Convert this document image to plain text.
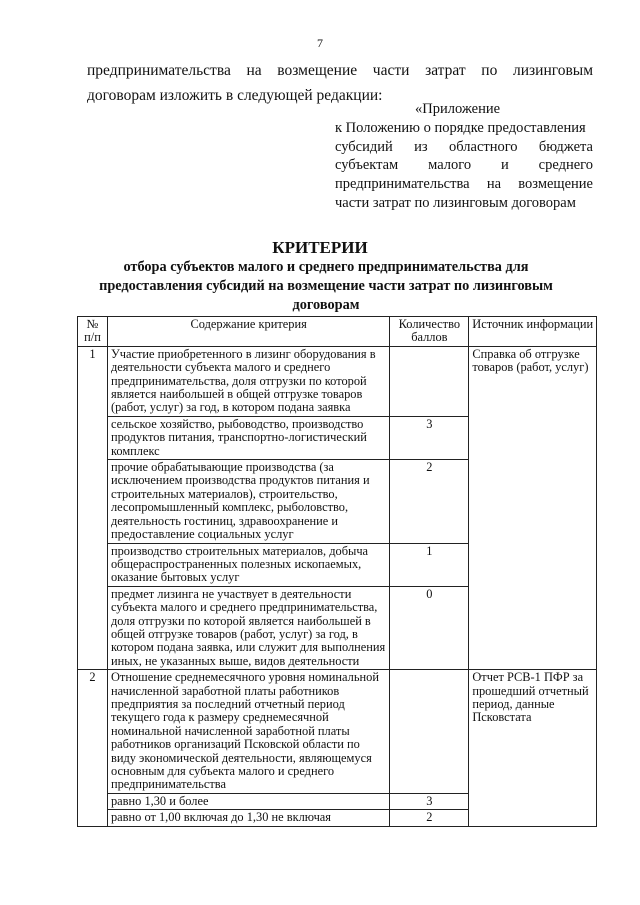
7

предпринимательства на возмещение части затрат по лизинговым
договорам изложить в следующей редакции:

«Приложение
к Положению о порядке предоставления
субсидий из областного бюджета
субъектам малого и среднего
предпринимательства на возмещение
части затрат по лизинговым договорам
КРИТЕРИИ
отбора субъектов малого и среднего предпринимательства для предоставления субсидий на возмещение части затрат по лизинговым договорам
№ п/п	Содержание критерия	Количество баллов	Источник информации
1	Участие приобретенного в лизинг оборудования в деятельности субъекта малого и среднего предпринимательства, доля отгрузки по которой является наибольшей в общей отгрузке товаров (работ, услуг) за год, в котором подана заявка		Справка об отгрузке товаров (работ, услуг)
	сельское хозяйство, рыбоводство, производство продуктов питания, транспортно-логистический комплекс	3	
	прочие обрабатывающие производства (за исключением производства продуктов питания и строительных материалов), строительство, лесопромышленный комплекс, рыболовство, деятельность гостиниц, здравоохранение и предоставление социальных услуг	2	
	производство строительных материалов, добыча общераспространенных полезных ископаемых, оказание бытовых услуг	1	
	предмет лизинга не участвует в деятельности субъекта малого и среднего предпринимательства, доля отгрузки по которой является наибольшей в общей отгрузке товаров (работ, услуг) за год, в котором подана заявка, или служит для выполнения иных, не указанных выше, видов деятельности	0	
2	Отношение среднемесячного уровня номинальной начисленной заработной платы работников предприятия за последний отчетный период текущего года к размеру среднемесячной номинальной начисленной заработной платы работников организаций Псковской области по виду экономической деятельности, являющемуся основным для субъекта малого и среднего предпринимательства		Отчет РСВ-1 ПФР за прошедший отчетный период, данные Псковстата
	равно 1,30 и более	3	
	равно от 1,00 включая до 1,30 не включая	2	
